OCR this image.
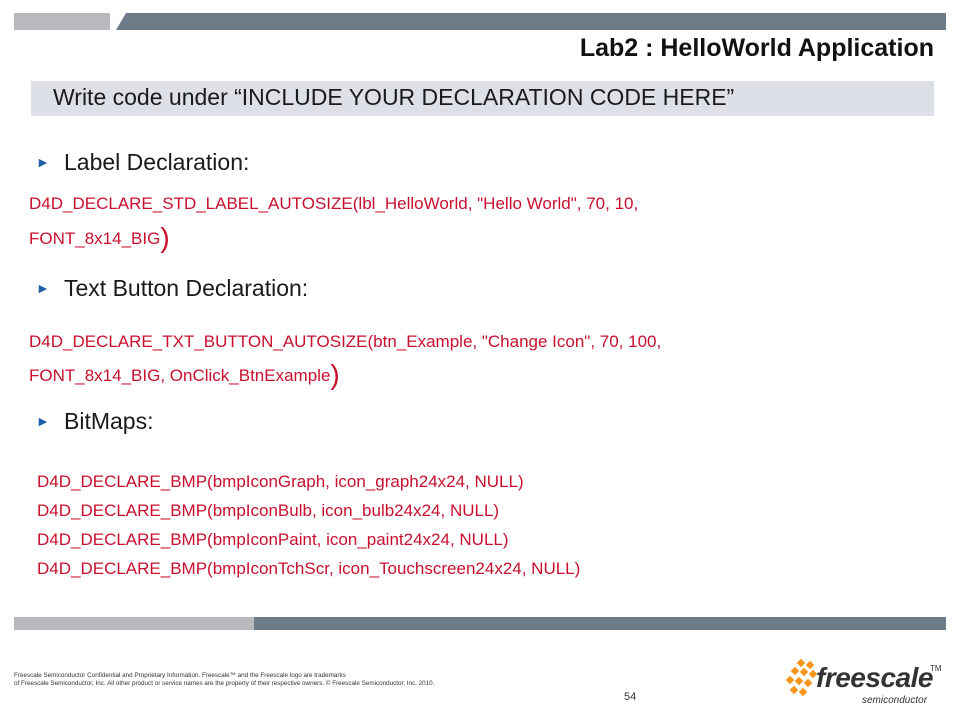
Lab2 : HelloWorld Application
Write code under “INCLUDE YOUR DECLARATION CODE HERE”
► Label Declaration:
D4D_DECLARE_STD_LABEL_AUTOSIZE(lbl_HelloWorld, "Hello World", 70, 10,
FONT_8x14_BIG)
► Text Button Declaration:
D4D_DECLARE_TXT_BUTTON_AUTOSIZE(btn_Example, "Change Icon", 70, 100,
FONT_8x14_BIG, OnClick_BtnExample)
► BitMaps:
D4D_DECLARE_BMP(bmpIconGraph, icon_graph24x24, NULL)
D4D_DECLARE_BMP(bmpIconBulb, icon_bulb24x24, NULL)
D4D_DECLARE_BMP(bmpIconPaint, icon_paint24x24, NULL)
D4D_DECLARE_BMP(bmpIconTchScr, icon_Touchscreen24x24, NULL)
Freescale Semiconductor Confidential and Proprietary Information. Freescale™ and the Freescale logo are trademarks
of Freescale Semiconductor, Inc. All other product or service names are the property of their respective owners. © Freescale Semiconductor, Inc. 2010.
54
freescale
TM
semiconductor
